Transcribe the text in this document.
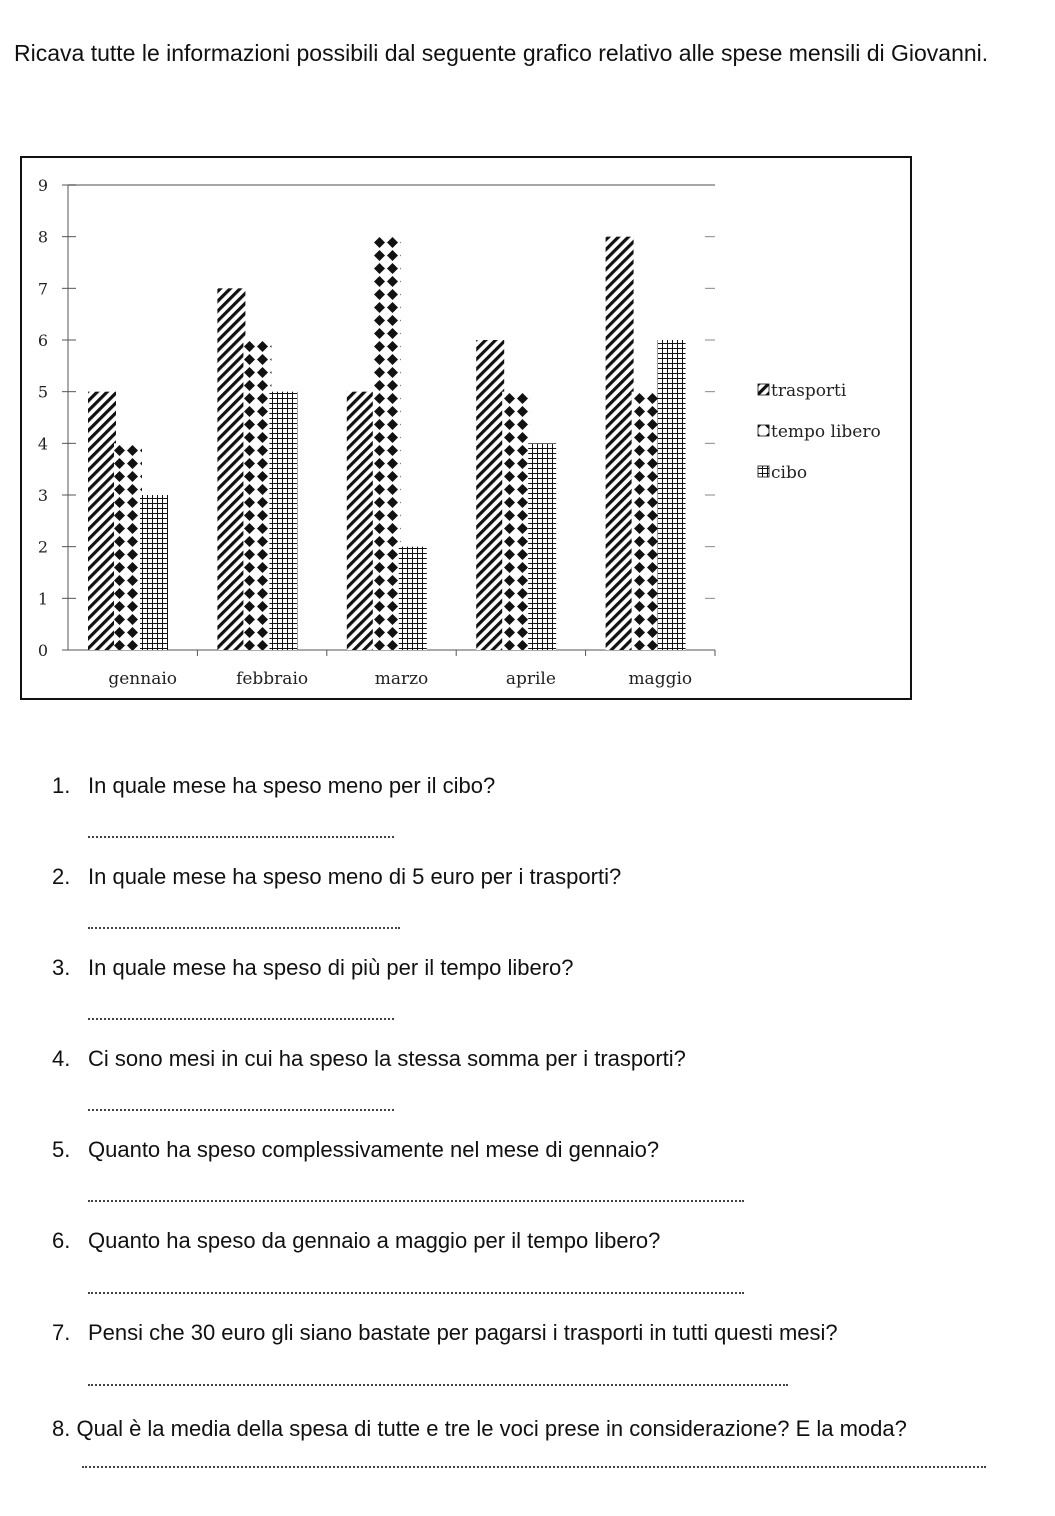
Ricava tutte le informazioni possibili dal seguente grafico relativo alle spese mensili di Giovanni.
0
1
2
3
4
5
6
7
8
9
gennaio	febbraio	marzo	aprile	maggio
trasporti
tempo libero
cibo
1. In quale mese ha speso meno per il cibo?
2. In quale mese ha speso meno di 5 euro per i trasporti?
3. In quale mese ha speso di più per il tempo libero?
4. Ci sono mesi in cui ha speso la stessa somma per i trasporti?
5. Quanto ha speso complessivamente nel mese di gennaio?
6. Quanto ha speso da gennaio a maggio per il tempo libero?
7. Pensi che 30 euro gli siano bastate per pagarsi i trasporti in tutti questi mesi?
8. Qual è la media della spesa di tutte e tre le voci prese in considerazione? E la moda?
